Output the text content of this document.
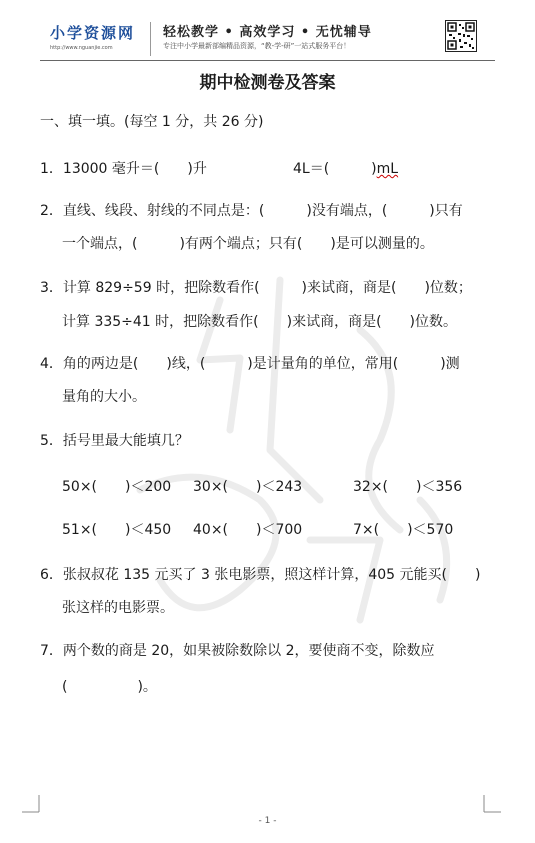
小学资源网
http://www.nguanjie.com
轻松教学 • 高效学习 • 无忧辅导
专注中小学最新部编精品资源，“教-学-研”一站式服务平台！
期中检测卷及答案
一、填一填。(每空 1 分，共 26 分)
1．13000 毫升＝(　　)升	4L＝(　　　)mL
2．直线、线段、射线的不同点是：(　　　)没有端点，(　　　)只有
一个端点，(　　　)有两个端点；只有(　　)是可以测量的。
3．计算 829÷59 时，把除数看作(　　　)来试商，商是(　　)位数；
计算 335÷41 时，把除数看作(　　)来试商，商是(　　)位数。
4．角的两边是(　　)线，(　　　)是计量角的单位，常用(　　　)测
量角的大小。
5．括号里最大能填几？
50×(　　)＜200 30×(　　)＜243	32×(　　)＜356
51×(　　)＜450 40×(　　)＜700	7×(　　)＜570
6．张叔叔花 135 元买了 3 张电影票，照这样计算，405 元能买(　　)
张这样的电影票。
7．两个数的商是 20，如果被除数除以 2，要使商不变，除数应
(　　　　　)。
- 1 -
